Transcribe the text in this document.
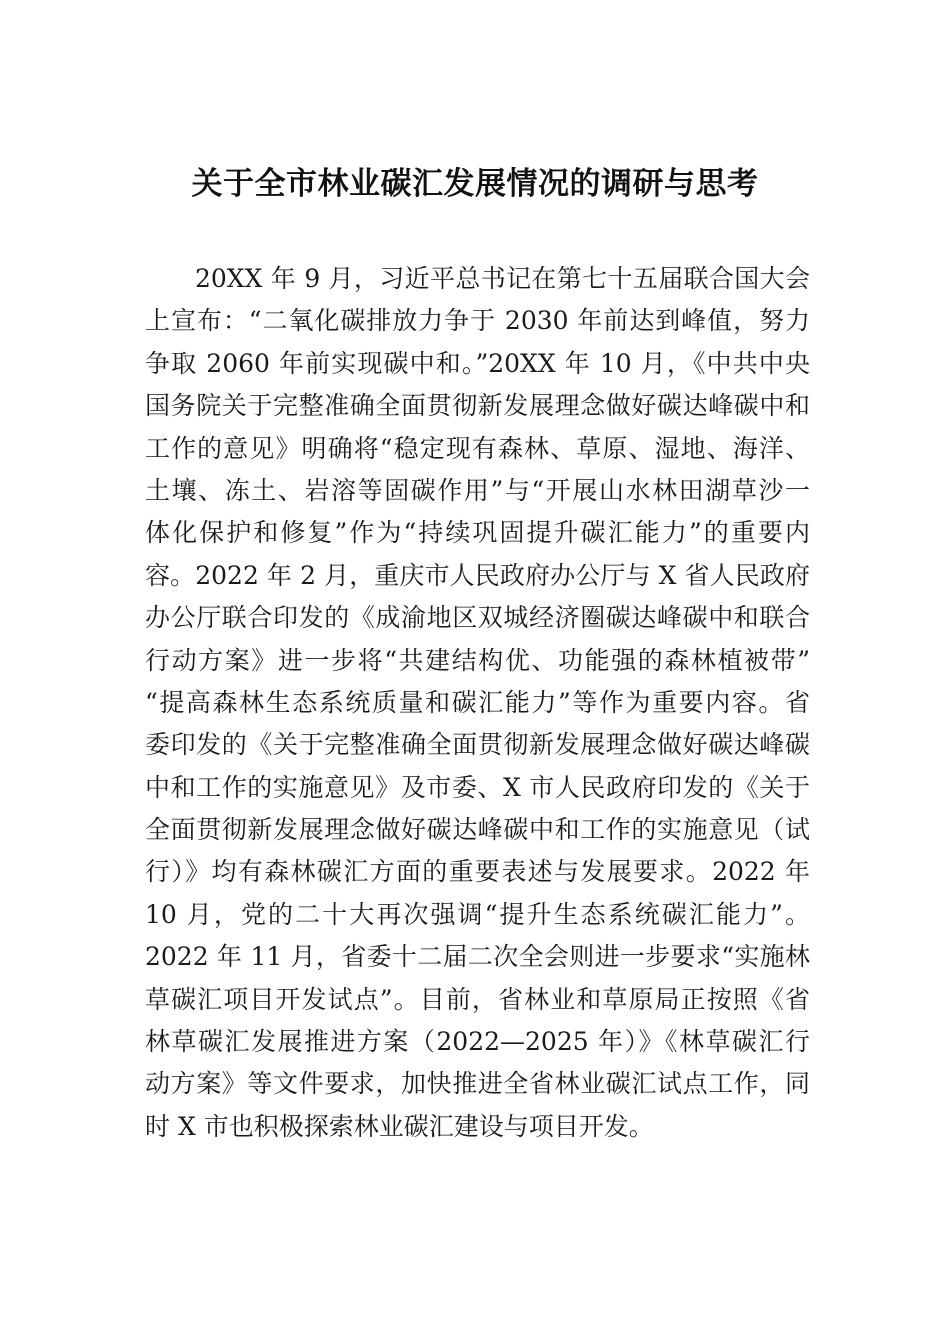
关于全市林业碳汇发展情况的调研与思考
20XX 年 9 月，习近平总书记在第七十五届联合国大会
上宣布：“二氧化碳排放力争于 2030 年前达到峰值，努力
争取 2060 年前实现碳中和。”20XX 年 10 月，《中共中央
国务院关于完整准确全面贯彻新发展理念做好碳达峰碳中和
工作的意见》明确将“稳定现有森林、草原、湿地、海洋、
土壤、冻土、岩溶等固碳作用”与“开展山水林田湖草沙一
体化保护和修复”作为“持续巩固提升碳汇能力”的重要内
容。2022 年 2 月，重庆市人民政府办公厅与 X 省人民政府
办公厅联合印发的《成渝地区双城经济圈碳达峰碳中和联合
行动方案》进一步将“共建结构优、功能强的森林植被带”
“提高森林生态系统质量和碳汇能力”等作为重要内容。省
委印发的《关于完整准确全面贯彻新发展理念做好碳达峰碳
中和工作的实施意见》及市委、X 市人民政府印发的《关于
全面贯彻新发展理念做好碳达峰碳中和工作的实施意见（试
行）》均有森林碳汇方面的重要表述与发展要求。2022 年
10 月，党的二十大再次强调“提升生态系统碳汇能力”。
2022 年 11 月，省委十二届二次全会则进一步要求“实施林
草碳汇项目开发试点”。目前，省林业和草原局正按照《省
林草碳汇发展推进方案（2022—2025 年）》《林草碳汇行
动方案》等文件要求，加快推进全省林业碳汇试点工作，同
时 X 市也积极探索林业碳汇建设与项目开发。
